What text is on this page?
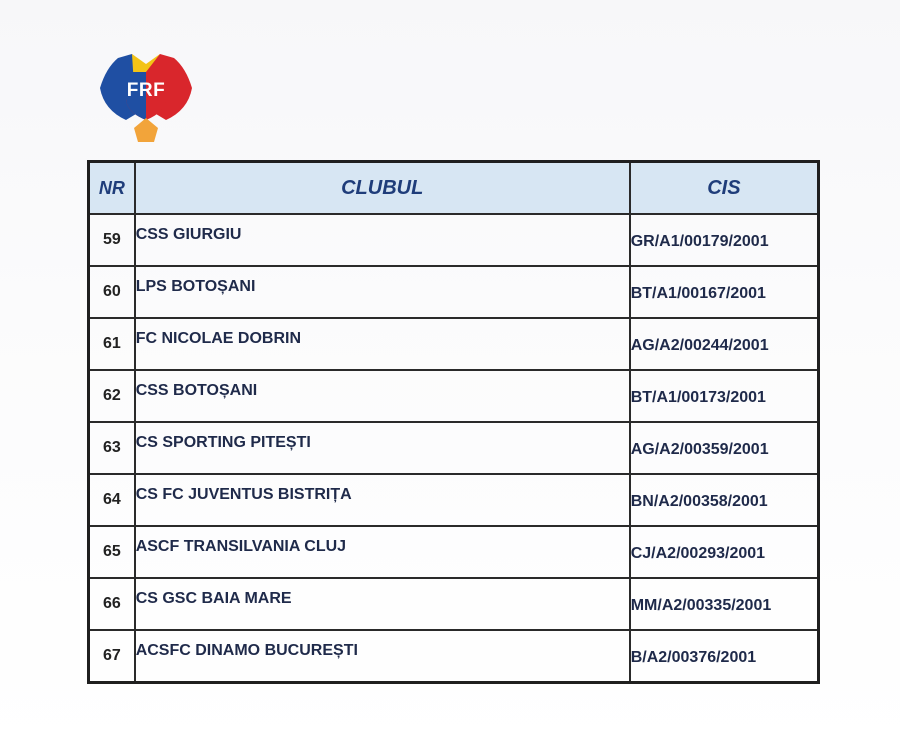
FRF
NR	CLUBUL	CIS
59	CSS GIURGIU	GR/A1/00179/2001
60	LPS BOTOȘANI	BT/A1/00167/2001
61	FC NICOLAE DOBRIN	AG/A2/00244/2001
62	CSS BOTOȘANI	BT/A1/00173/2001
63	CS SPORTING PITEȘTI	AG/A2/00359/2001
64	CS FC JUVENTUS BISTRIȚA	BN/A2/00358/2001
65	ASCF TRANSILVANIA CLUJ	CJ/A2/00293/2001
66	CS GSC BAIA MARE	MM/A2/00335/2001
67	ACSFC DINAMO BUCUREȘTI	B/A2/00376/2001
